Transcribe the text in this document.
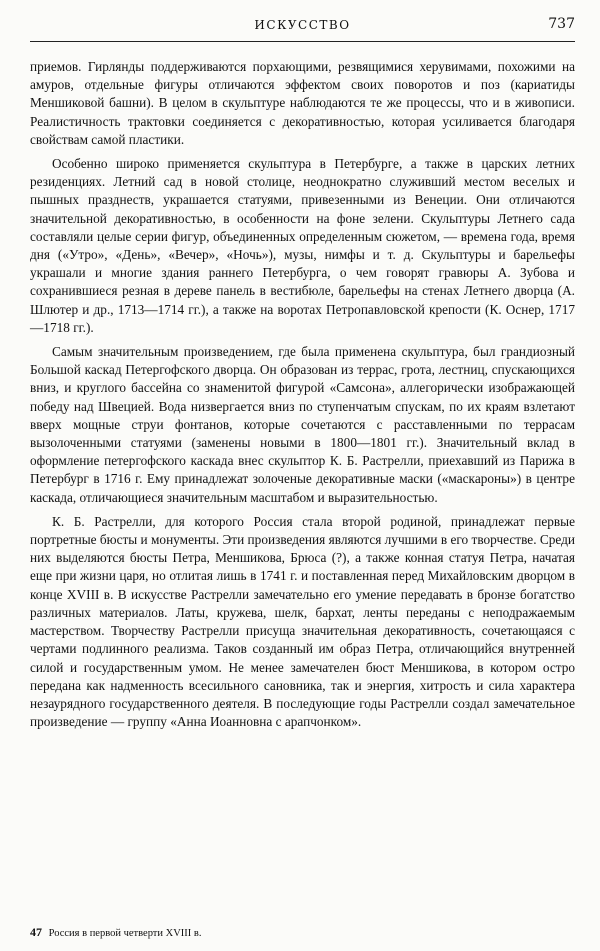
ИСКУССТВО	737

приемов. Гирлянды поддерживаются порхающими, резвящимися херувимами, похожими на амуров, отдельные фигуры отличаются эффектом своих поворотов и поз (кариатиды Меншиковой башни). В целом в скульптуре наблюдаются те же процессы, что и в живописи. Реалистичность трактовки соединяется с декоративностью, которая усиливается благодаря свойствам самой пластики.

Особенно широко применяется скульптура в Петербурге, а также в царских летних резиденциях. Летний сад в новой столице, неоднократно служивший местом веселых и пышных празднеств, украшается статуями, привезенными из Венеции. Они отличаются значительной декоративностью, в особенности на фоне зелени. Скульптуры Летнего сада составляли целые серии фигур, объединенных определенным сюжетом, — времена года, время дня («Утро», «День», «Вечер», «Ночь»), музы, нимфы и т. д. Скульптуры и барельефы украшали и многие здания раннего Петербурга, о чем говорят гравюры А. Зубова и сохранившиеся резная в дереве панель в вестибюле, барельефы на стенах Летнего дворца (А. Шлютер и др., 1713—1714 гг.), а также на воротах Петропавловской крепости (К. Оснер, 1717—1718 гг.).

Самым значительным произведением, где была применена скульптура, был грандиозный Большой каскад Петергофского дворца. Он образован из террас, грота, лестниц, спускающихся вниз, и круглого бассейна со знаменитой фигурой «Самсона», аллегорически изображающей победу над Швецией. Вода низвергается вниз по ступенчатым спускам, по их краям взлетают вверх мощные струи фонтанов, которые сочетаются с расставленными по террасам вызолоченными статуями (заменены новыми в 1800—1801 гг.). Значительный вклад в оформление петергофского каскада внес скульптор К. Б. Растрелли, приехавший из Парижа в Петербург в 1716 г. Ему принадлежат золоченые декоративные маски («маскароны») в центре каскада, отличающиеся значительным масштабом и выразительностью.

К. Б. Растрелли, для которого Россия стала второй родиной, принадлежат первые портретные бюсты и монументы. Эти произведения являются лучшими в его творчестве. Среди них выделяются бюсты Петра, Меншикова, Брюса (?), а также конная статуя Петра, начатая еще при жизни царя, но отлитая лишь в 1741 г. и поставленная перед Михайловским дворцом в конце XVIII в. В искусстве Растрелли замечательно его умение передавать в бронзе богатство различных материалов. Латы, кружева, шелк, бархат, ленты переданы с неподражаемым мастерством. Творчеству Растрелли присуща значительная декоративность, сочетающаяся с чертами подлинного реализма. Таков созданный им образ Петра, отличающийся внутренней силой и государственным умом. Не менее замечателен бюст Меншикова, в котором остро передана как надменность всесильного сановника, так и энергия, хитрость и сила характера незаурядного государственного деятеля. В последующие годы Растрелли создал замечательное произведение — группу «Анна Иоанновна с арапчонком».

47 Россия в первой четверти XVIII в.
